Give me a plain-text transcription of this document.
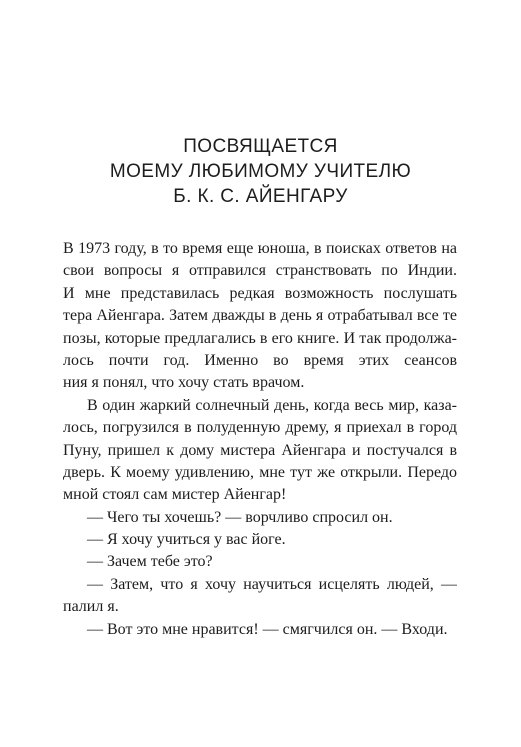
ПОСВЯЩАЕТСЯ
МОЕМУ ЛЮБИМОМУ УЧИТЕЛЮ
Б. К. С. АЙЕНГАРУ
В 1973 году, в то время еще юноша, в поисках ответов на
свои вопросы я отправился странствовать по Индии.
И мне представилась редкая возможность послушать
тера Айенгара. Затем дважды в день я отрабатывал все те
позы, которые предлагались в его книге. И так продолжа-
лось почти год. Именно во время этих сеансов
ния я понял, что хочу стать врачом.
В один жаркий солнечный день, когда весь мир, каза-
лось, погрузился в полуденную дрему, я приехал в город
Пуну, пришел к дому мистера Айенгара и постучался в
дверь. К моему удивлению, мне тут же открыли. Передо
мной стоял сам мистер Айенгар!
— Чего ты хочешь? — ворчливо спросил он.
— Я хочу учиться у вас йоге.
— Зачем тебе это?
— Затем, что я хочу научиться исцелять людей, —
палил я.
— Вот это мне нравится! — смягчился он. — Входи.
